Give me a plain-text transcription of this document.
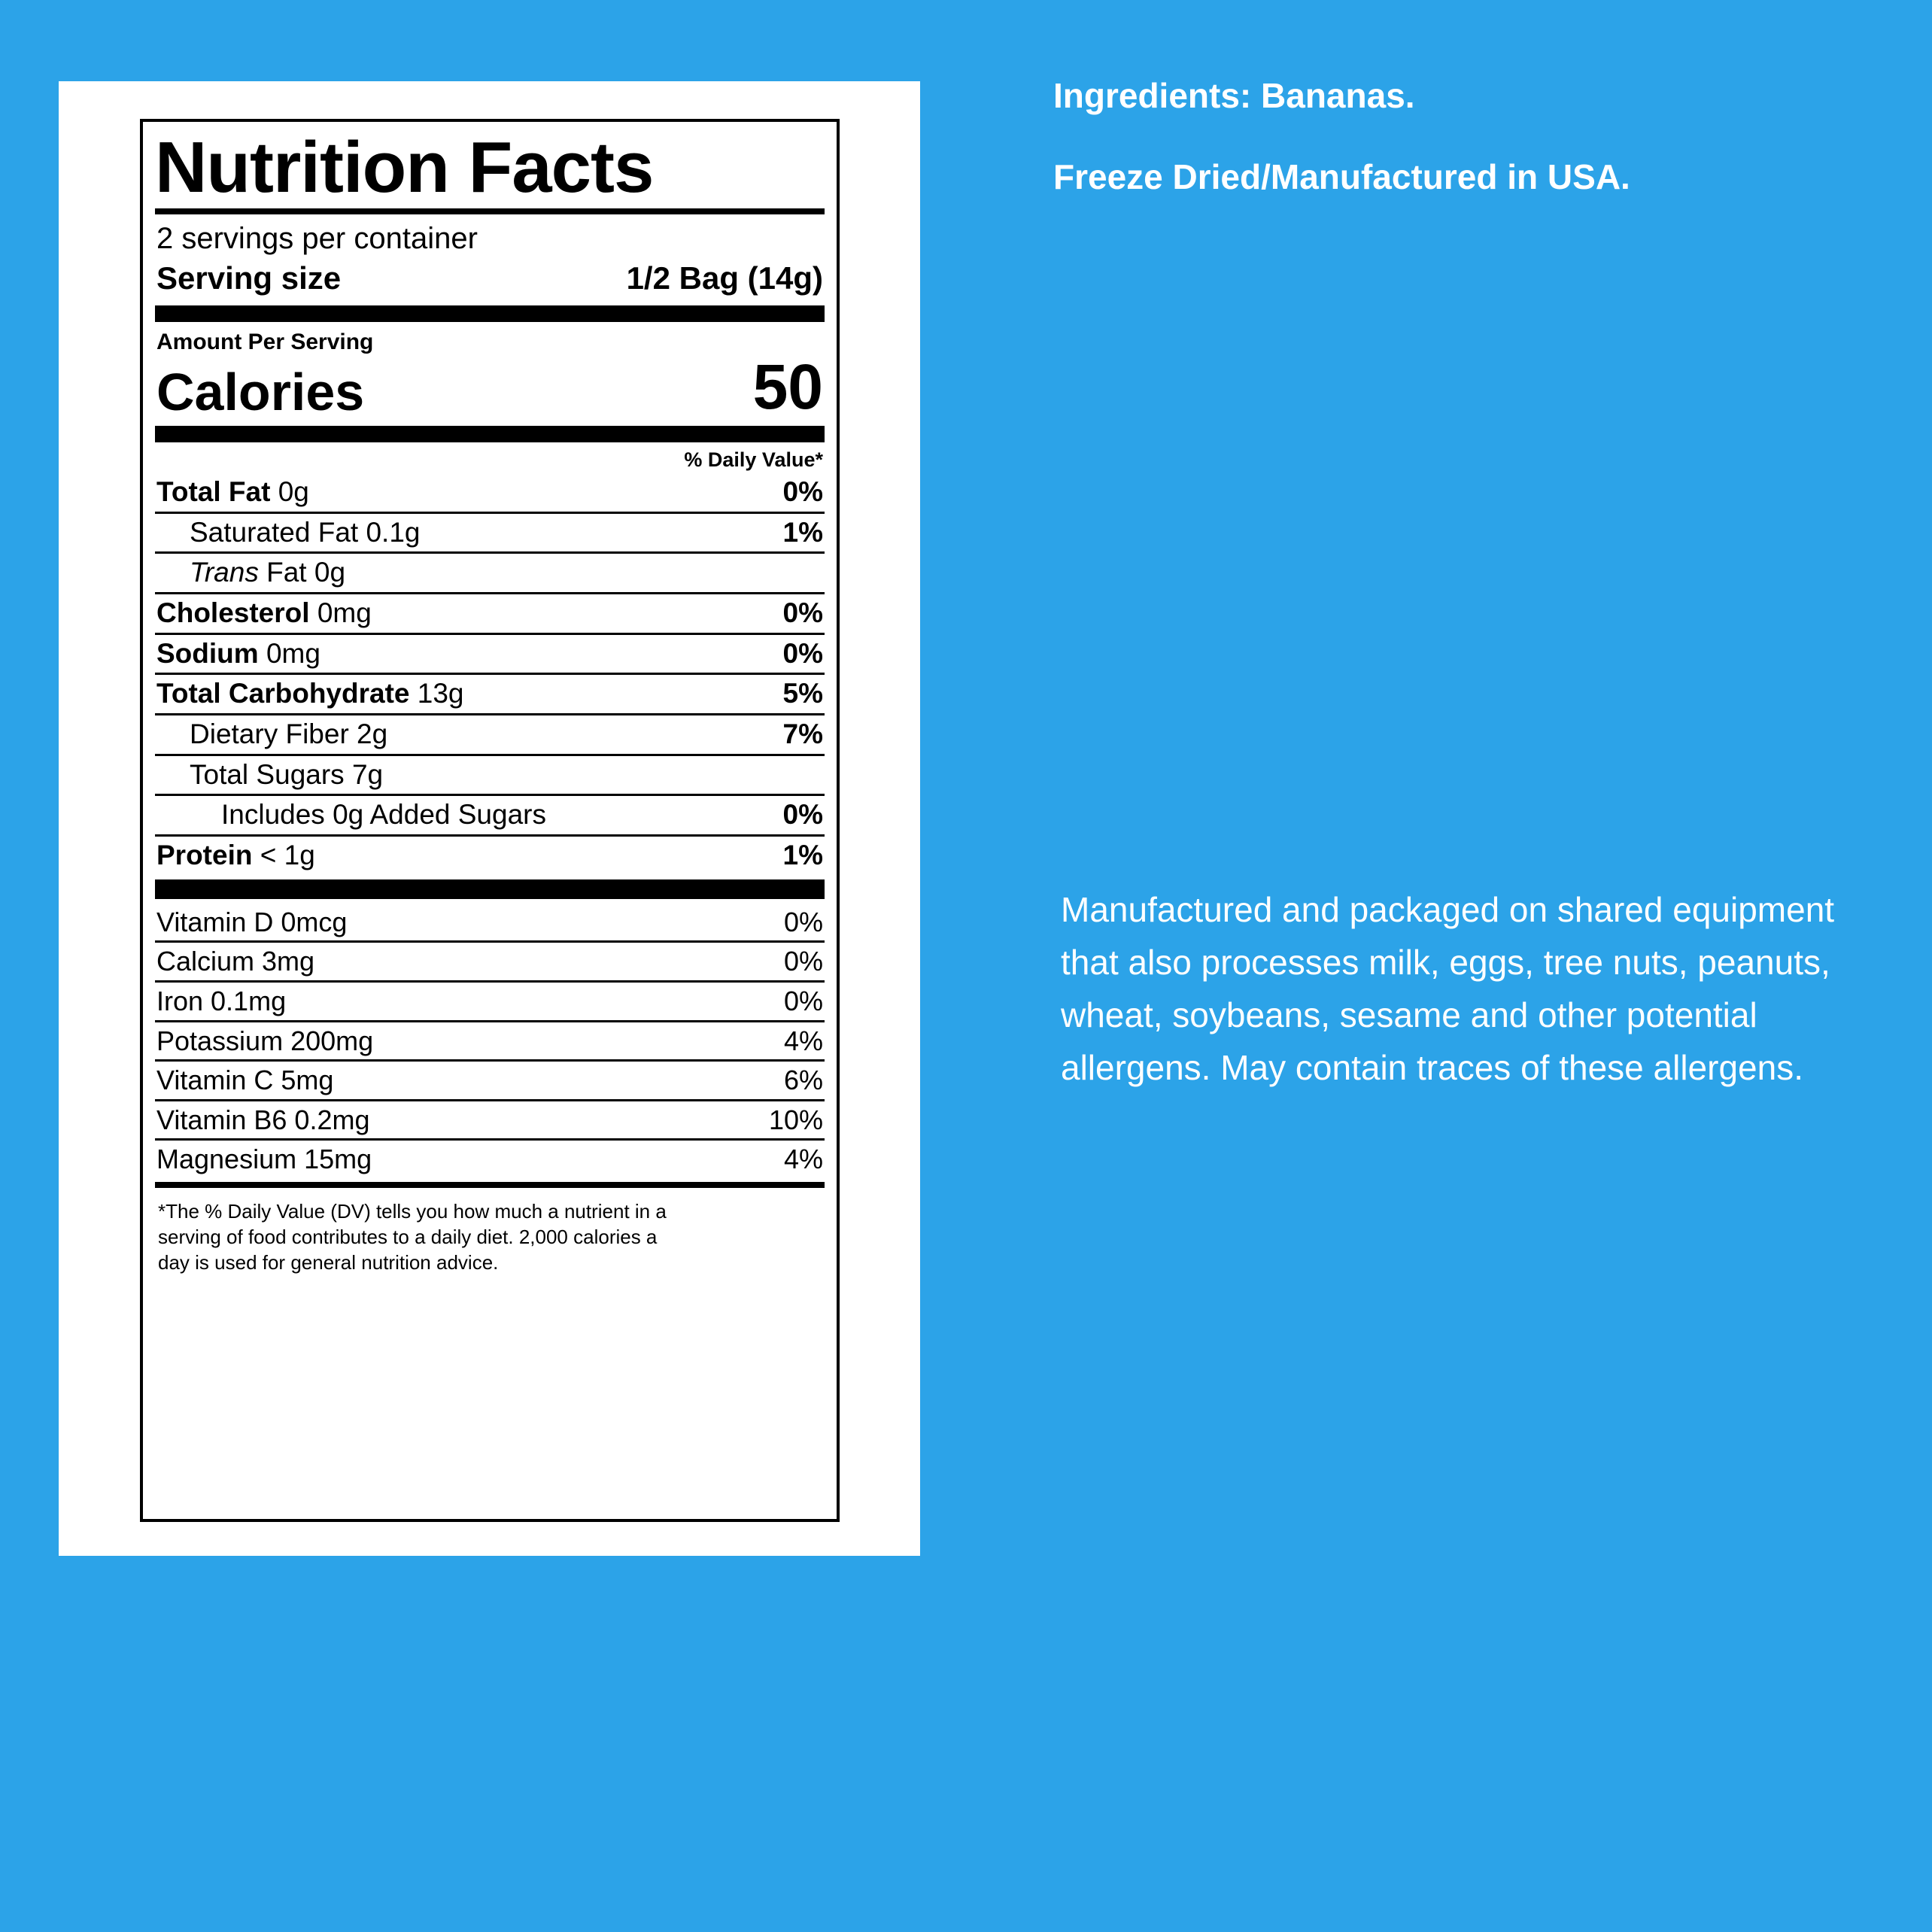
Nutrition Facts
2 servings per container
Serving size	1/2 Bag (14g)
Amount Per Serving
Calories	50
% Daily Value*
Total Fat 0g	0%
Saturated Fat 0.1g	1%
Trans Fat 0g
Cholesterol 0mg	0%
Sodium 0mg	0%
Total Carbohydrate 13g	5%
Dietary Fiber 2g	7%
Total Sugars 7g
Includes 0g Added Sugars	0%
Protein < 1g	1%
Vitamin D 0mcg	0%
Calcium 3mg	0%
Iron 0.1mg	0%
Potassium 200mg	4%
Vitamin C 5mg	6%
Vitamin B6 0.2mg	10%
Magnesium 15mg	4%
*The % Daily Value (DV) tells you how much a nutrient in a
serving of food contributes to a daily diet. 2,000 calories a
day is used for general nutrition advice.
Ingredients: Bananas.
Freeze Dried/Manufactured in USA.
Manufactured and packaged on shared equipment that also processes milk, eggs, tree nuts, peanuts, wheat, soybeans, sesame and other potential allergens. May contain traces of these allergens.
